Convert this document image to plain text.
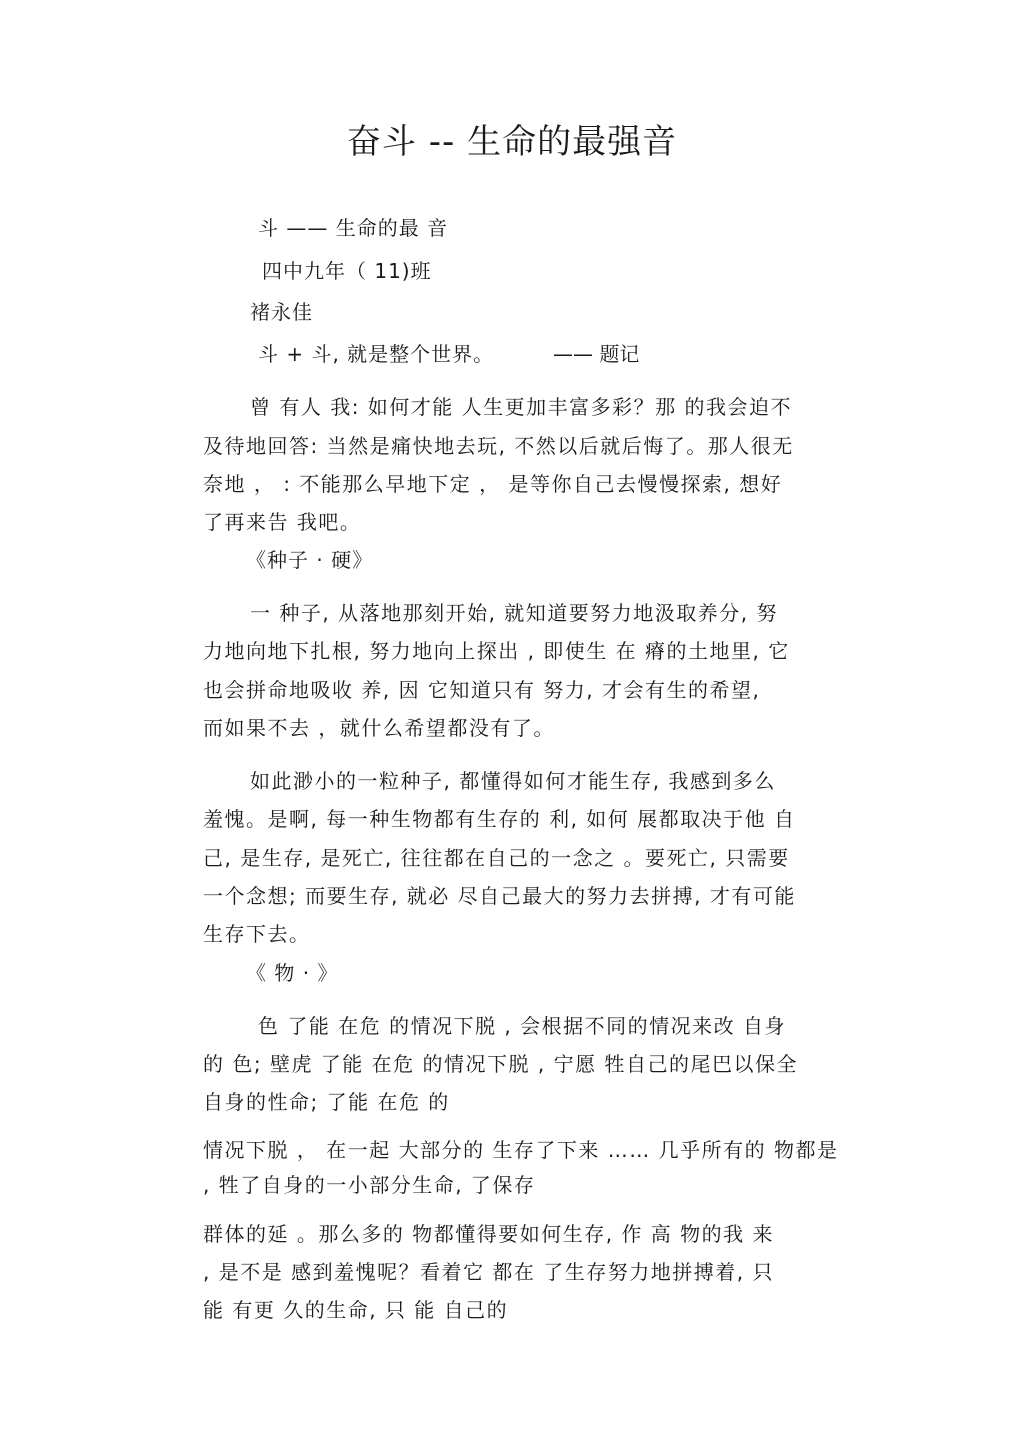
奋斗 -- 生命的最强音
斗 —— 生命的最 音
四中九年（ 11)班
褚永佳
斗 + 斗, 就是整个世界。	—— 题记
曾 有人 我: 如何才能 人生更加丰富多彩？那 的我会迫不
及待地回答: 当然是痛快地去玩, 不然以后就后悔了。那人很无
奈地 ， : 不能那么早地下定 ， 是等你自己去慢慢探索, 想好
了再来告 我吧。
《种子 · 硬》
一 种子, 从落地那刻开始, 就知道要努力地汲取养分, 努
力地向地下扎根, 努力地向上探出 , 即使生 在 瘠的土地里, 它
也会拼命地吸收 养, 因 它知道只有 努力, 才会有生的希望,
而如果不去 ，就什么希望都没有了。
如此渺小的一粒种子, 都懂得如何才能生存, 我感到多么
羞愧。是啊, 每一种生物都有生存的 利, 如何 展都取决于他 自
己, 是生存, 是死亡, 往往都在自己的一念之 。要死亡, 只需要
一个念想; 而要生存, 就必 尽自己最大的努力去拼搏, 才有可能
生存下去。
《 物 · 》
色 了能 在危 的情况下脱 , 会根据不同的情况来改 自身
的 色; 壁虎 了能 在危 的情况下脱 , 宁愿 牲自己的尾巴以保全
自身的性命; 了能 在危 的
情况下脱 ， 在一起 大部分的 生存了下来 …… 几乎所有的 物都是
, 牲了自身的一小部分生命, 了保存
群体的延 。那么多的 物都懂得要如何生存, 作 高 物的我 来
, 是不是 感到羞愧呢？看着它 都在 了生存努力地拼搏着, 只
能 有更 久的生命, 只 能 自己的
